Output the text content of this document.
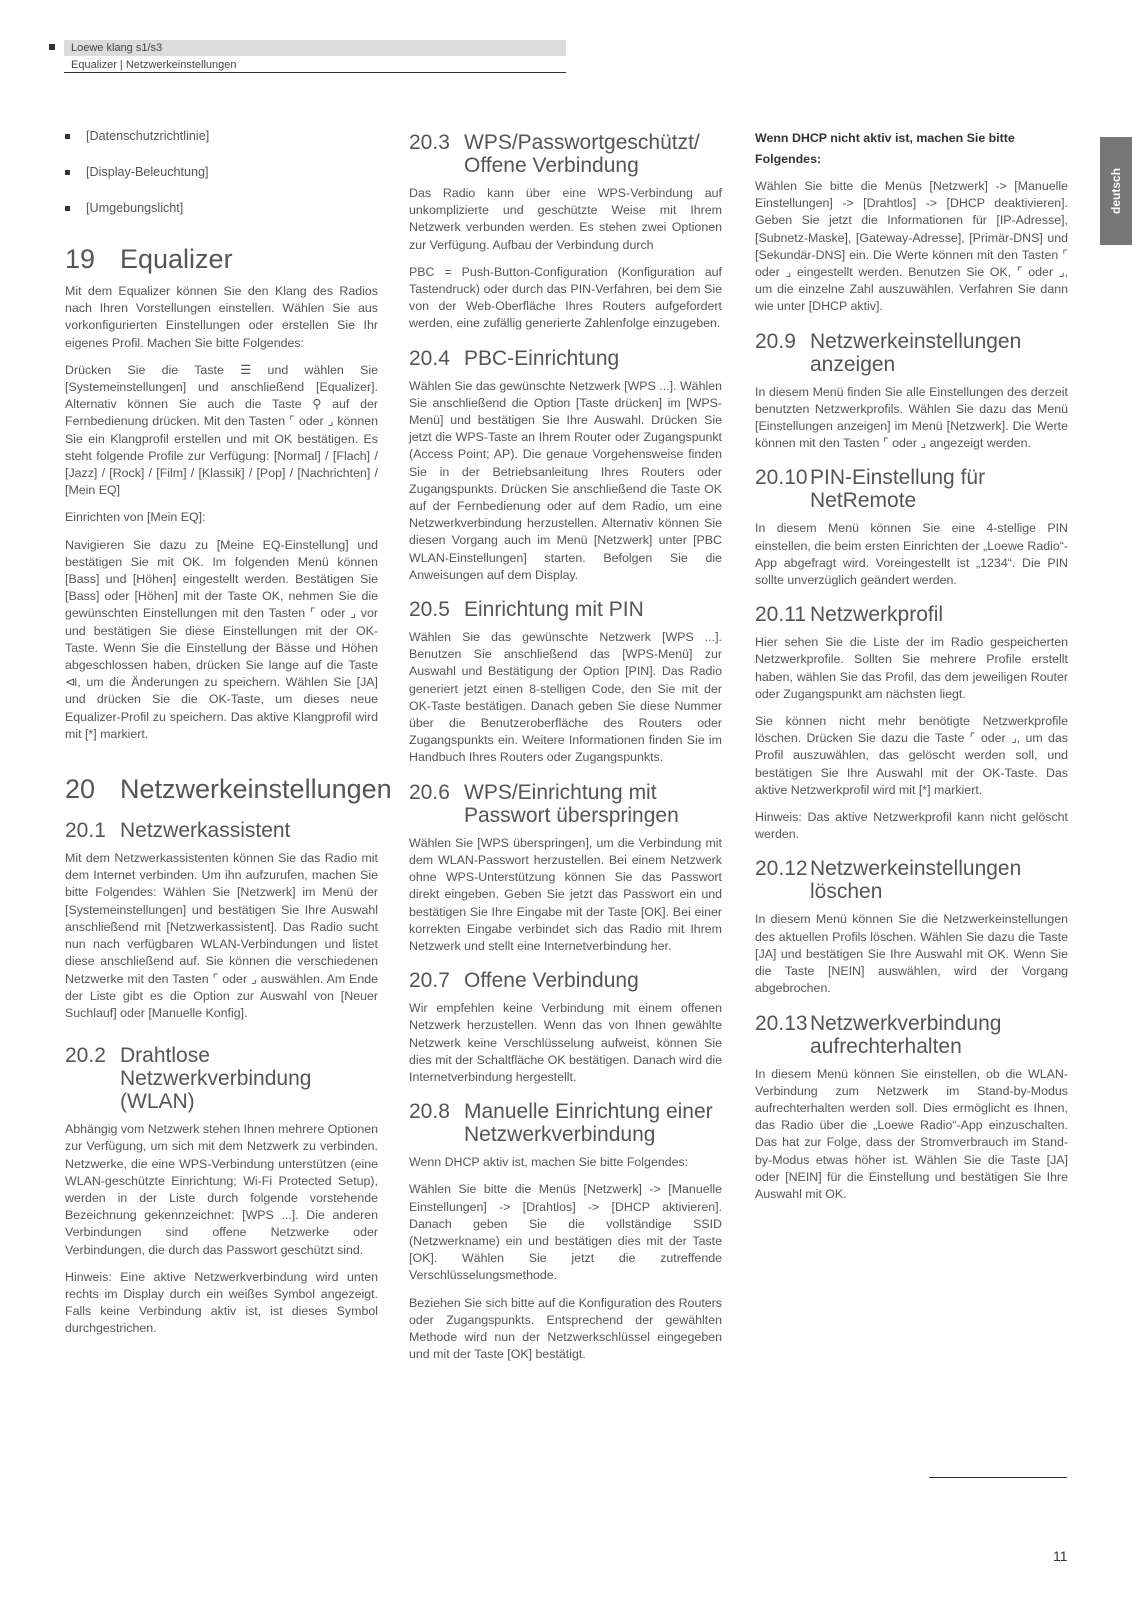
Loewe klang s1/s3
Equalizer | Netzwerkeinstellungen
deutsch
[Datenschutzrichtlinie]
[Display-Beleuchtung]
[Umgebungslicht]
19 Equalizer

Mit dem Equalizer können Sie den Klang des Radios nach Ihren Vorstellungen einstellen. Wählen Sie aus vorkonfigurierten Einstellungen oder erstellen Sie Ihr eigenes Profil. Machen Sie bitte Folgendes:

Drücken Sie die Taste ☰ und wählen Sie [Systemeinstellungen] und anschließend [Equalizer]. Alternativ können Sie auch die Taste ⚲ auf der Fernbedienung drücken. Mit den Tasten ⌜ oder ⌟ können Sie ein Klangprofil erstellen und mit OK bestätigen. Es steht folgende Profile zur Verfügung: [Normal] / [Flach] / [Jazz] / [Rock] / [Film] / [Klassik] / [Pop] / [Nachrichten] / [Mein EQ]

Einrichten von [Mein EQ]:

Navigieren Sie dazu zu [Meine EQ-Einstellung] und bestätigen Sie mit OK. Im folgenden Menü können [Bass] und [Höhen] eingestellt werden. Bestätigen Sie [Bass] oder [Höhen] mit der Taste OK, nehmen Sie die gewünschten Einstellungen mit den Tasten ⌜ oder ⌟ vor und bestätigen Sie diese Einstellungen mit der OK-Taste. Wenn Sie die Einstellung der Bässe und Höhen abgeschlossen haben, drücken Sie lange auf die Taste ⧏, um die Änderungen zu speichern. Wählen Sie [JA] und drücken Sie die OK-Taste, um dieses neue Equalizer-Profil zu speichern. Das aktive Klangprofil wird mit [*] markiert.

20 Netzwerkeinstellungen
20.1 Netzwerkassistent

Mit dem Netzwerkassistenten können Sie das Radio mit dem Internet verbinden. Um ihn aufzurufen, machen Sie bitte Folgendes: Wählen Sie [Netzwerk] im Menü der [Systemeinstellungen] und bestätigen Sie Ihre Auswahl anschließend mit [Netzwerkassistent]. Das Radio sucht nun nach verfügbaren WLAN-Verbindungen und listet diese anschließend auf. Sie können die verschiedenen Netzwerke mit den Tasten ⌜ oder ⌟ auswählen. Am Ende der Liste gibt es die Option zur Auswahl von [Neuer Suchlauf] oder [Manuelle Konfig].

20.2 Drahtlose Netzwerkverbindung (WLAN)

Abhängig vom Netzwerk stehen Ihnen mehrere Optionen zur Verfügung, um sich mit dem Netzwerk zu verbinden. Netzwerke, die eine WPS-Verbindung unterstützen (eine WLAN-geschützte Einrichtung; Wi-Fi Protected Setup), werden in der Liste durch folgende vorstehende Bezeichnung gekennzeichnet: [WPS ...]. Die anderen Verbindungen sind offene Netzwerke oder Verbindungen, die durch das Passwort geschützt sind.

Hinweis: Eine aktive Netzwerkverbindung wird unten rechts im Display durch ein weißes Symbol angezeigt. Falls keine Verbindung aktiv ist, ist dieses Symbol durchgestrichen.

20.3 WPS/Passwortgeschützt/ Offene Verbindung

Das Radio kann über eine WPS-Verbindung auf unkomplizierte und geschützte Weise mit Ihrem Netzwerk verbunden werden. Es stehen zwei Optionen zur Verfügung. Aufbau der Verbindung durch

PBC = Push-Button-Configuration (Konfiguration auf Tastendruck) oder durch das PIN-Verfahren, bei dem Sie von der Web-Oberfläche Ihres Routers aufgefordert werden, eine zufällig generierte Zahlenfolge einzugeben.

20.4 PBC-Einrichtung

Wählen Sie das gewünschte Netzwerk [WPS ...]. Wählen Sie anschließend die Option [Taste drücken] im [WPS-Menü] und bestätigen Sie Ihre Auswahl. Drücken Sie jetzt die WPS-Taste an Ihrem Router oder Zugangspunkt (Access Point; AP). Die genaue Vorgehensweise finden Sie in der Betriebsanleitung Ihres Routers oder Zugangspunkts. Drücken Sie anschließend die Taste OK auf der Fernbedienung oder auf dem Radio, um eine Netzwerkverbindung herzustellen. Alternativ können Sie diesen Vorgang auch im Menü [Netzwerk] unter [PBC WLAN-Einstellungen] starten. Befolgen Sie die Anweisungen auf dem Display.

20.5 Einrichtung mit PIN

Wählen Sie das gewünschte Netzwerk [WPS ...]. Benutzen Sie anschließend das [WPS-Menü] zur Auswahl und Bestätigung der Option [PIN]. Das Radio generiert jetzt einen 8-stelligen Code, den Sie mit der OK-Taste bestätigen. Danach geben Sie diese Nummer über die Benutzeroberfläche des Routers oder Zugangspunkts ein. Weitere Informationen finden Sie im Handbuch Ihres Routers oder Zugangspunkts.

20.6 WPS/Einrichtung mit Passwort überspringen

Wählen Sie [WPS überspringen], um die Verbindung mit dem WLAN-Passwort herzustellen. Bei einem Netzwerk ohne WPS-Unterstützung können Sie das Passwort direkt eingeben. Geben Sie jetzt das Passwort ein und bestätigen Sie Ihre Eingabe mit der Taste [OK]. Bei einer korrekten Eingabe verbindet sich das Radio mit Ihrem Netzwerk und stellt eine Internetverbindung her.

20.7 Offene Verbindung

Wir empfehlen keine Verbindung mit einem offenen Netzwerk herzustellen. Wenn das von Ihnen gewählte Netzwerk keine Verschlüsselung aufweist, können Sie dies mit der Schaltfläche OK bestätigen. Danach wird die Internetverbindung hergestellt.

20.8 Manuelle Einrichtung einer Netzwerkverbindung

Wenn DHCP aktiv ist, machen Sie bitte Folgendes:

Wählen Sie bitte die Menüs [Netzwerk] -> [Manuelle Einstellungen] -> [Drahtlos] -> [DHCP aktivieren]. Danach geben Sie die vollständige SSID (Netzwerkname) ein und bestätigen dies mit der Taste [OK]. Wählen Sie jetzt die zutreffende Verschlüsselungsmethode.

Beziehen Sie sich bitte auf die Konfiguration des Routers oder Zugangspunkts. Entsprechend der gewählten Methode wird nun der Netzwerkschlüssel eingegeben und mit der Taste [OK] bestätigt.

Wenn DHCP nicht aktiv ist, machen Sie bitte Folgendes:

Wählen Sie bitte die Menüs [Netzwerk] -> [Manuelle Einstellungen] -> [Drahtlos] -> [DHCP deaktivieren]. Geben Sie jetzt die Informationen für [IP-Adresse], [Subnetz-Maske], [Gateway-Adresse], [Primär-DNS] und [Sekundär-DNS] ein. Die Werte können mit den Tasten ⌜ oder ⌟ eingestellt werden. Benutzen Sie OK, ⌜ oder ⌟, um die einzelne Zahl auszuwählen. Verfahren Sie dann wie unter [DHCP aktiv].

20.9 Netzwerkeinstellungen anzeigen

In diesem Menü finden Sie alle Einstellungen des derzeit benutzten Netzwerkprofils. Wählen Sie dazu das Menü [Einstellungen anzeigen] im Menü [Netzwerk]. Die Werte können mit den Tasten ⌜ oder ⌟ angezeigt werden.

20.10 PIN-Einstellung für NetRemote

In diesem Menü können Sie eine 4-stellige PIN einstellen, die beim ersten Einrichten der „Loewe Radio“-App abgefragt wird. Voreingestellt ist „1234“. Die PIN sollte unverzüglich geändert werden.

20.11 Netzwerkprofil

Hier sehen Sie die Liste der im Radio gespeicherten Netzwerkprofile. Sollten Sie mehrere Profile erstellt haben, wählen Sie das Profil, das dem jeweiligen Router oder Zugangspunkt am nächsten liegt.

Sie können nicht mehr benötigte Netzwerkprofile löschen. Drücken Sie dazu die Taste ⌜ oder ⌟, um das Profil auszuwählen, das gelöscht werden soll, und bestätigen Sie Ihre Auswahl mit der OK-Taste. Das aktive Netzwerkprofil wird mit [*] markiert.

Hinweis: Das aktive Netzwerkprofil kann nicht gelöscht werden.

20.12 Netzwerkeinstellungen löschen

In diesem Menü können Sie die Netzwerkeinstellungen des aktuellen Profils löschen. Wählen Sie dazu die Taste [JA] und bestätigen Sie Ihre Auswahl mit OK. Wenn Sie die Taste [NEIN] auswählen, wird der Vorgang abgebrochen.

20.13 Netzwerkverbindung aufrechterhalten

In diesem Menü können Sie einstellen, ob die WLAN-Verbindung zum Netzwerk im Stand-by-Modus aufrechterhalten werden soll. Dies ermöglicht es Ihnen, das Radio über die „Loewe Radio“-App einzuschalten. Das hat zur Folge, dass der Stromverbrauch im Stand-by-Modus etwas höher ist. Wählen Sie die Taste [JA] oder [NEIN] für die Einstellung und bestätigen Sie Ihre Auswahl mit OK.

11
